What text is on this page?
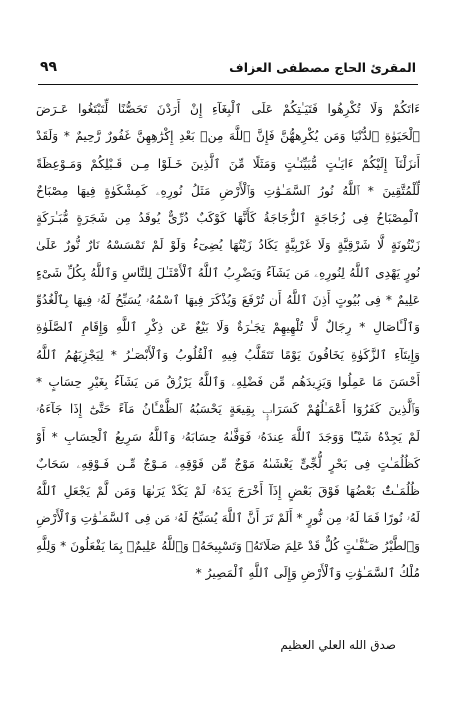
المقرئ الحاج مصطفى العزاف
٩٩
ءَاتَكُمْ وَلَا تُكْرِهُوا فَتَيَـٰتِكُمْ عَلَى ٱلْبِغَآءِ إِنْ أَرَدْنَ تَحَصُّنًا لِّتَبْتَغُوا عَـرَضَ
ٱلْحَيَوٰةِ ٱلدُّنْيَا وَمَن يُكْرِههُّنَّ فَإِنَّ ٱللَّهَ مِنۢ بَعْدِ إِكْرَٰهِهِنَّ غَفُورٌ رَّحِيمٌ * وَلَقَدْ
أَنزَلْنَآ إِلَيْكُمْ ءَايَـٰتٍ مُّبَيِّنَـٰتٍ وَمَثَلًا مِّنَ ٱلَّذِينَ خَـلَوْا مِـن قَـبْلِكُمْ وَمَـوْعِظَةً
لِّلْمُتَّقِينَ * ٱللَّهُ نُورُ ٱلسَّمَـٰوَٰتِ وَٱلْأَرْضِ مَثَلُ نُورِهِۦ كَمِشْكَوٰةٍ فِيهَا مِصْبَاحٌ
ٱلْمِصْبَاحُ فِى زُجَاجَةٍ ٱلزُّجَاجَةُ كَأَنَّهَا كَوْكَبٌ دُرِّىٌّ يُوقَدُ مِن شَجَرَةٍ مُّبَـٰرَكَةٍ
زَيْتُونَةٍ لَّا شَرْقِيَّةٍ وَلَا غَرْبِيَّةٍ يَكَادُ زَيْتُهَا يُضِىٓءُ وَلَوْ لَمْ تَمْسَسْهُ نَارٌ نُّورٌ عَلَىٰ
نُورٍ يَهْدِى ٱللَّهُ لِنُورِهِۦ مَن يَشَآءُ وَيَضْرِبُ ٱللَّهُ ٱلْأَمْثَـٰلَ لِلنَّاسِ وَٱللَّهُ بِكُلِّ شَىْءٍ
عَلِيمٌ * فِى بُيُوتٍ أَذِنَ ٱللَّهُ أَن تُرْفَعَ وَيُذْكَرَ فِيهَا ٱسْمُهُۥ يُسَبِّحُ لَهُۥ فِيهَا بِٱلْغُدُوِّ
وَٱلْـَٔاصَالِ * رِجَالٌ لَّا تُلْهِيهِمْ تِجَـٰرَةٌ وَلَا بَيْعٌ عَن ذِكْرِ ٱللَّهِ وَإِقَامِ ٱلصَّلَوٰةِ
وَإِيتَآءِ ٱلزَّكَوٰةِ يَخَافُونَ يَوْمًا تَتَقَلَّبُ فِيهِ ٱلْقُلُوبُ وَٱلْأَبْصَـٰرُ * لِيَجْزِيَهُمُ ٱللَّهُ
أَحْسَنَ مَا عَمِلُوا وَيَزِيدَهُم مِّن فَضْلِهِۦ وَٱللَّهُ يَرْزُقُ مَن يَشَآءُ بِغَيْرِ حِسَابٍ *
وَٱلَّذِينَ كَفَرُوٓا أَعْمَـٰلُهُمْ كَسَرَابٍۭ بِقِيعَةٍ يَحْسَبُهُ ٱلظَّمْـَٔانُ مَآءً حَتَّىٰٓ إِذَا جَآءَهُۥ
لَمْ يَجِدْهُ شَيْـًٔا وَوَجَدَ ٱللَّهَ عِندَهُۥ فَوَفَّىٰهُ حِسَابَهُۥ وَٱللَّهُ سَرِيعُ ٱلْحِسَابِ * أَوْ
كَظُلُمَـٰتٍ فِى بَحْرٍ لُّجِّىٍّ يَغْشَىٰهُ مَوْجٌ مِّن فَوْقِهِۦ مَـوْجٌ مِّـن فَـوْقِهِۦ سَحَابٌ
ظُلُمَـٰتٌۢ بَعْضُهَا فَوْقَ بَعْضٍ إِذَآ أَخْرَجَ يَدَهُۥ لَمْ يَكَدْ يَرَىٰهَا وَمَن لَّمْ يَجْعَلِ ٱللَّهُ
لَهُۥ نُورًا فَمَا لَهُۥ مِن نُّورٍ * أَلَمْ تَرَ أَنَّ ٱللَّهَ يُسَبِّحُ لَهُۥ مَن فِى ٱلسَّمَـٰوَٰتِ وَٱلْأَرْضِ
وَٱلطَّيْرُ صَـٰٓفَّـٰتٍ كُلٌّ قَدْ عَلِمَ صَلَاتَهُۥ وَتَسْبِيحَهُۥ وَٱللَّهُ عَلِيمٌۢ بِمَا يَفْعَلُونَ * وَلِلَّهِ
مُلْكُ ٱلسَّمَـٰوَٰتِ وَٱلْأَرْضِ وَإِلَى ٱللَّهِ ٱلْمَصِيرُ *
صدق الله العلي العظيم
